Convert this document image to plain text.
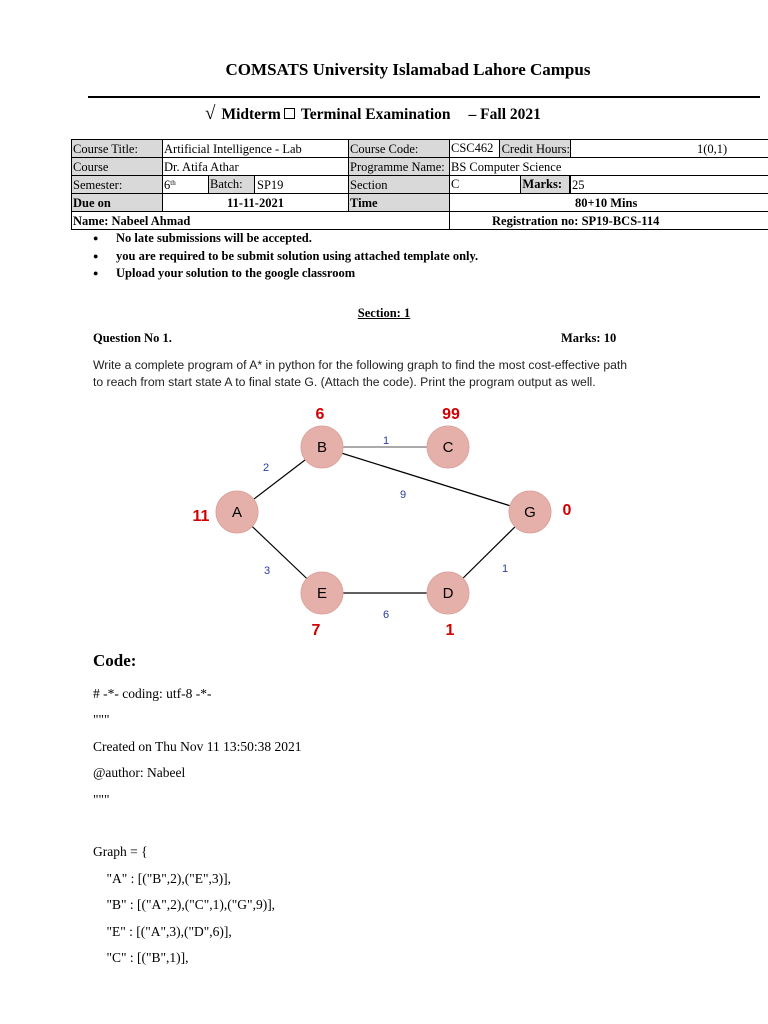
COMSATS University Islamabad Lahore Campus
√ Midterm Terminal Examination – Fall 2021
Course Title:	Artificial Intelligence - Lab		Course Code:	CSC462 Credit Hours:	1(0,1)
Course	Dr. Atifa Athar		Programme Name:	BS Computer Science	
Semester:	6th	Batch: SP19	Section	C Marks:	25
Due on	11-11-2021		Time	80+10 Mins	
Name: Nabeel Ahmad				Registration no: SP19-BCS-114	
● No late submissions will be accepted.
● you are required to be submit solution using attached template only.
● Upload your solution to the google classroom
Section: 1
Question No 1.	Marks: 10
Write a complete program of A* in python for the following graph to find the most cost-effective path
to reach from start state A to final state G. (Attach the code). Print the program output as well.
2
1
9
3
6
1
A
11
B
6
C
99
G 0
E
7
D
1
Code:
# -*- coding: utf-8 -*-
"""
Created on Thu Nov 11 13:50:38 2021
@author: Nabeel
"""
Graph = {
"A" : [("B",2),("E",3)],
"B" : [("A",2),("C",1),("G",9)],
"E" : [("A",3),("D",6)],
"C" : [("B",1)],
